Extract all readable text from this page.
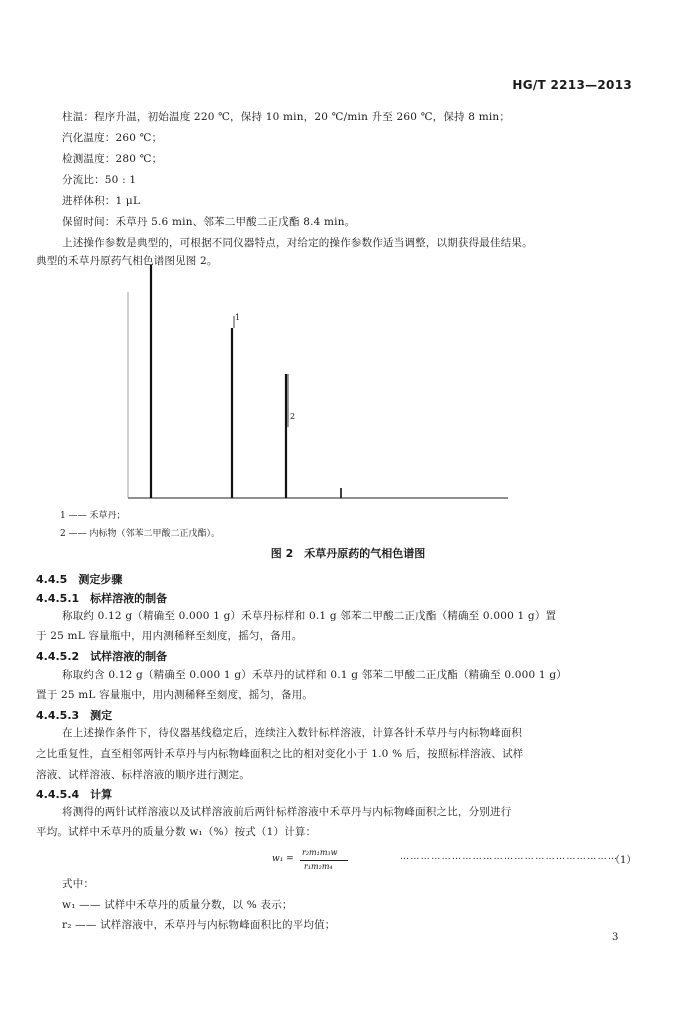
HG/T 2213—2013
柱温：程序升温，初始温度 220 ℃，保持 10 min，20 ℃/min 升至 260 ℃，保持 8 min；
汽化温度：260 ℃；
检测温度：280 ℃；
分流比：50 : 1
进样体积：1 μL
保留时间：禾草丹 5.6 min、邻苯二甲酸二正戊酯 8.4 min。
上述操作参数是典型的，可根据不同仪器特点，对给定的操作参数作适当调整，以期获得最佳结果。
典型的禾草丹原药气相色谱图见图 2。
1 —— 禾草丹；
2 —— 内标物（邻苯二甲酸二正戊酯）。
图 2　禾草丹原药的气相色谱图
4.4.5　测定步骤
4.4.5.1　标样溶液的制备
称取约 0.12 g（精确至 0.000 1 g）禾草丹标样和 0.1 g 邻苯二甲酸二正戊酯（精确至 0.000 1 g）置
于 25 mL 容量瓶中，用内测稀释至刻度，摇匀，备用。
4.4.5.2　试样溶液的制备
称取约含 0.12 g（精确至 0.000 1 g）禾草丹的试样和 0.1 g 邻苯二甲酸二正戊酯（精确至 0.000 1 g）
置于 25 mL 容量瓶中，用内测稀释至刻度，摇匀，备用。
4.4.5.3　测定
在上述操作条件下，待仪器基线稳定后，连续注入数针标样溶液，计算各针禾草丹与内标物峰面积
之比重复性，直至相邻两针禾草丹与内标物峰面积之比的相对变化小于 1.0 % 后，按照标样溶液、试样
溶液、试样溶液、标样溶液的顺序进行测定。
4.4.5.4　计算
将测得的两针试样溶液以及试样溶液前后两针标样溶液中禾草丹与内标物峰面积之比，分别进行
平均。试样中禾草丹的质量分数 w₁（%）按式（1）计算：
w₁ =
r₂m₁m₃w
r₁m₂m₄
………………………………………………………
（1）
式中：
w₁ —— 试样中禾草丹的质量分数，以 % 表示；
r₂ —— 试样溶液中，禾草丹与内标物峰面积比的平均值；
3
1
2
